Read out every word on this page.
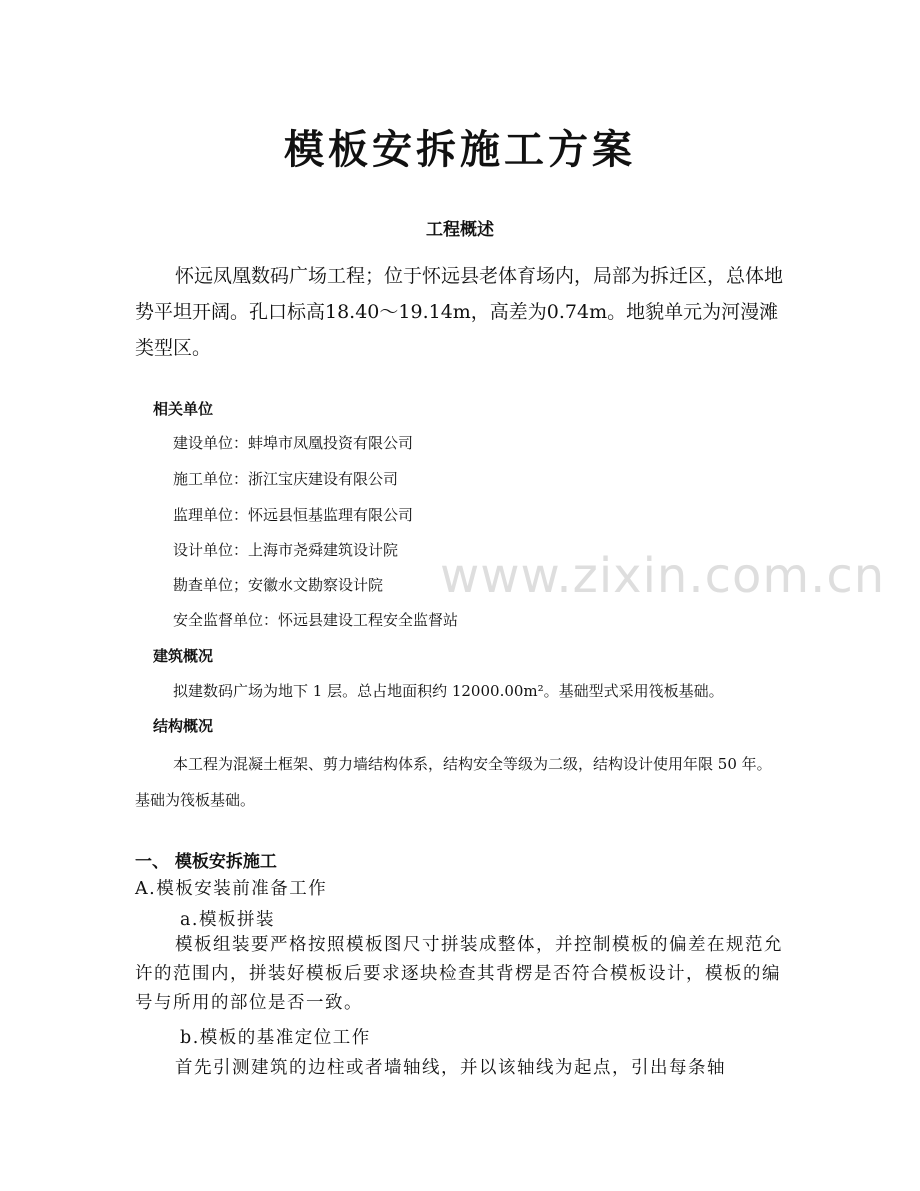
模板安拆施工方案
工程概述
怀远凤凰数码广场工程；位于怀远县老体育场内，局部为拆迁区，总体地势平坦开阔。孔口标高18.40～19.14m，高差为0.74m。地貌单元为河漫滩类型区。
相关单位
建设单位：蚌埠市凤凰投资有限公司
施工单位：浙江宝庆建设有限公司
监理单位：怀远县恒基监理有限公司
设计单位：上海市尧舜建筑设计院
勘查单位；安徽水文勘察设计院
安全监督单位：怀远县建设工程安全监督站
建筑概况
拟建数码广场为地下 1 层。总占地面积约 12000.00m²。基础型式采用筏板基础。
结构概况
本工程为混凝土框架、剪力墙结构体系，结构安全等级为二级，结构设计使用年限 50 年。基础为筏板基础。
一、 模板安拆施工
A.模板安装前准备工作
a.模板拼装
模板组装要严格按照模板图尺寸拼装成整体，并控制模板的偏差在规范允许的范围内，拼装好模板后要求逐块检查其背楞是否符合模板设计，模板的编号与所用的部位是否一致。
b.模板的基准定位工作
首先引测建筑的边柱或者墙轴线，并以该轴线为起点，引出每条轴
www.zixin.com.cn
